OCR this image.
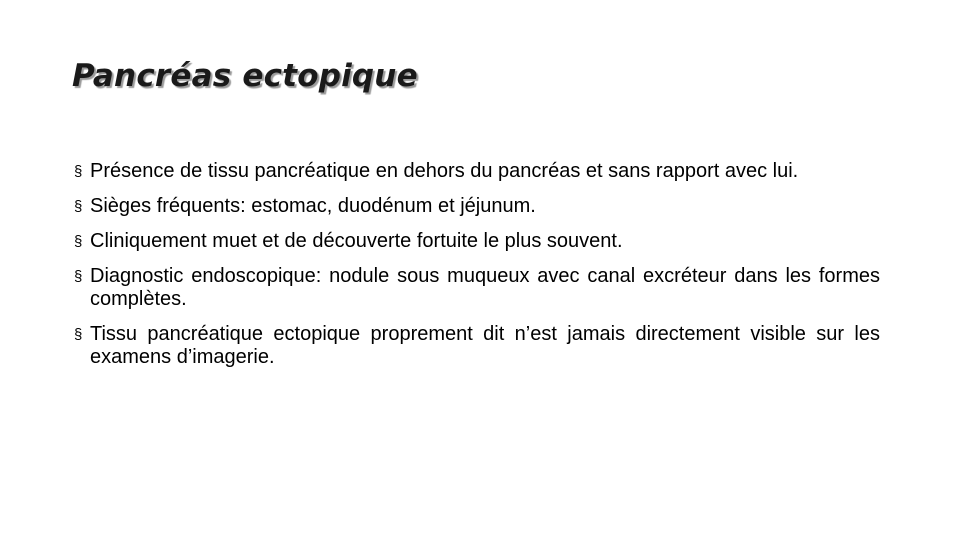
Pancréas ectopique
§ Présence de tissu pancréatique en dehors du pancréas et sans rapport avec lui.
§ Sièges fréquents: estomac, duodénum et jéjunum.
§ Cliniquement muet et de découverte fortuite le plus souvent.
§ Diagnostic endoscopique: nodule sous muqueux avec canal excréteur dans les formes complètes.
§ Tissu pancréatique ectopique proprement dit n’est jamais directement visible sur les examens d’imagerie.
